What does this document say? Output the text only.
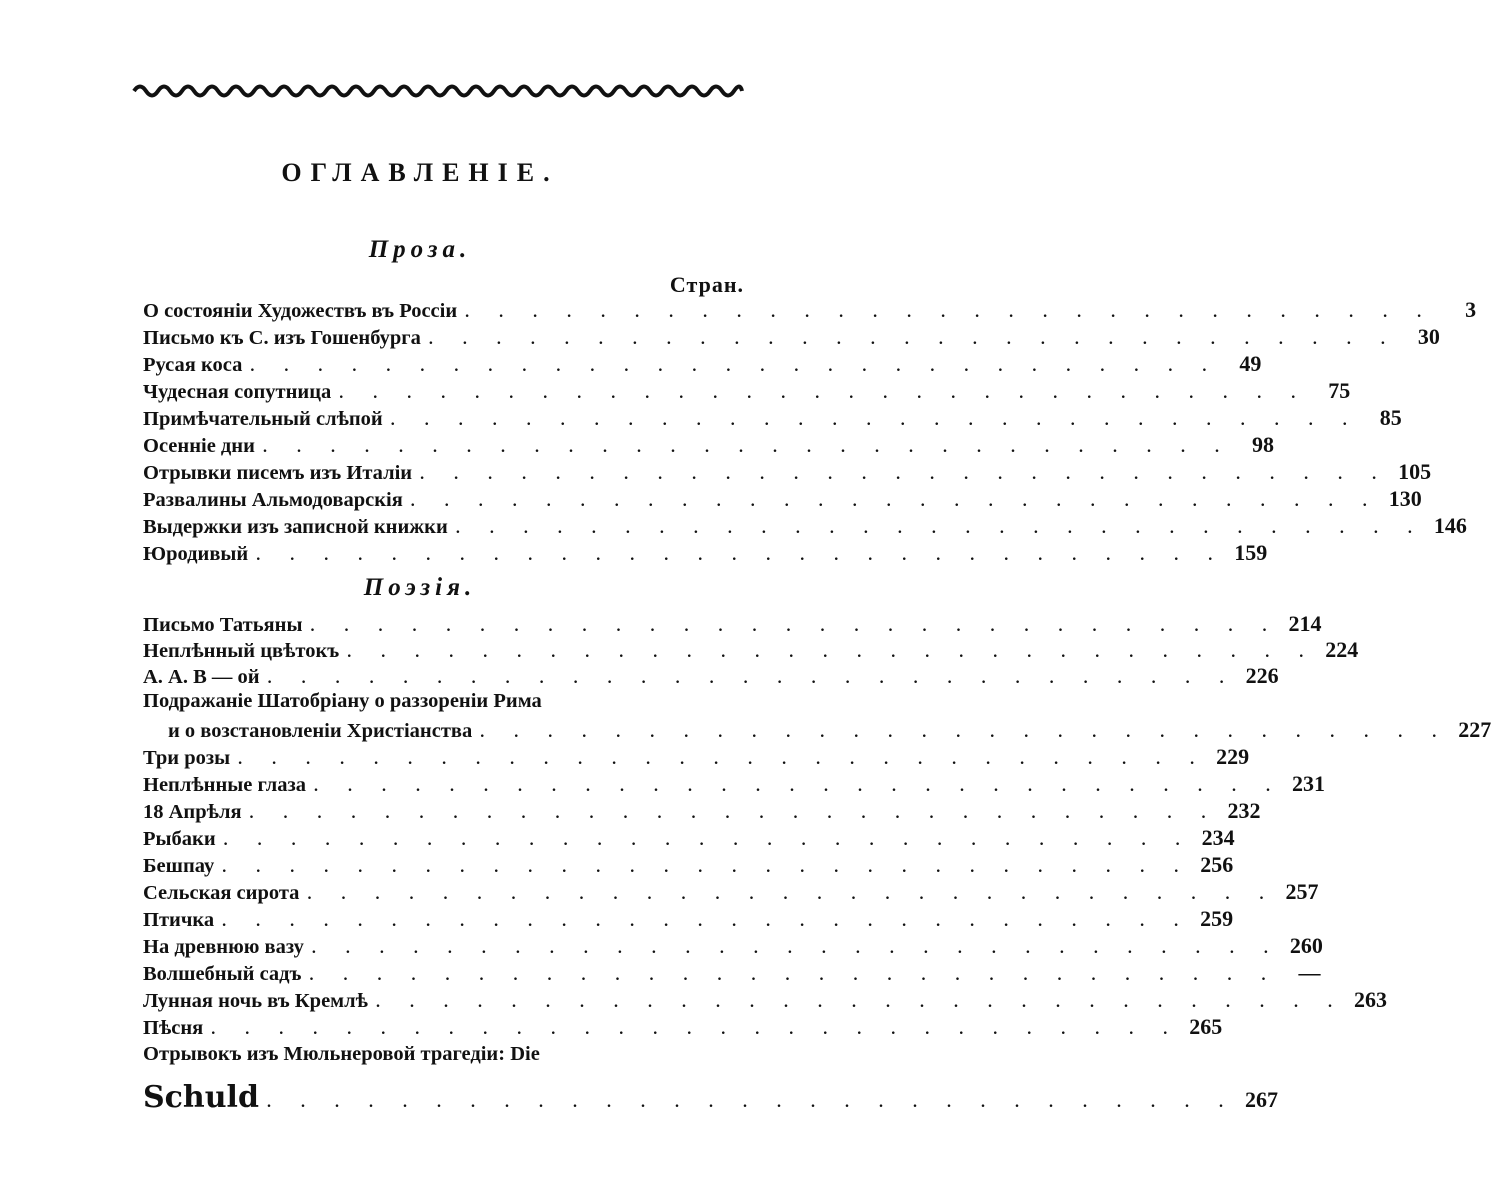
ОГЛАВЛЕНІЕ.
Проза.
Стран.
О состояніи Художествъ въ Россіи . . . . . . . . . . . . . . . . . . . . . . . . . . . . .	3
Письмо къ С. изъ Гошенбурга . . . . . . . . . . . . . . . . . . . . . . . . . . . . . 30
Русая коса . . . . . . . . . . . . . . . . . . . . . . . . . . . . . 49
Чудесная сопутница . . . . . . . . . . . . . . . . . . . . . . . . . . . . . 75
Примѣчательный слѣпой . . . . . . . . . . . . . . . . . . . . . . . . . . . . . 85
Осенніе дни . . . . . . . . . . . . . . . . . . . . . . . . . . . . . 98
Отрывки писемъ изъ Италіи . . . . . . . . . . . . . . . . . . . . . . . . . . . . . 105
Развалины Альмодоварскія . . . . . . . . . . . . . . . . . . . . . . . . . . . . . 130
Выдержки изъ записной книжки . . . . . . . . . . . . . . . . . . . . . . . . . . . . . 146
Юродивый . . . . . . . . . . . . . . . . . . . . . . . . . . . . . 159
Поэзія.
Письмо Татьяны . . . . . . . . . . . . . . . . . . . . . . . . . . . . . 214
Неплѣнный цвѣтокъ . . . . . . . . . . . . . . . . . . . . . . . . . . . . . 224
А. А. В — ой . . . . . . . . . . . . . . . . . . . . . . . . . . . . . 226
Подражаніе Шатобріану о раззореніи Рима
и о возстановленіи Христіанства . . . . . . . . . . . . . . . . . . . . . . . . . . . . . 227
Три розы . . . . . . . . . . . . . . . . . . . . . . . . . . . . . 229
Неплѣнные глаза . . . . . . . . . . . . . . . . . . . . . . . . . . . . . 231
18 Апрѣля . . . . . . . . . . . . . . . . . . . . . . . . . . . . . 232
Рыбаки . . . . . . . . . . . . . . . . . . . . . . . . . . . . . 234
Бешпау . . . . . . . . . . . . . . . . . . . . . . . . . . . . . 256
Сельская сирота . . . . . . . . . . . . . . . . . . . . . . . . . . . . . 257
Птичка . . . . . . . . . . . . . . . . . . . . . . . . . . . . . 259
На древнюю вазу . . . . . . . . . . . . . . . . . . . . . . . . . . . . . 260
Волшебный садъ . . . . . . . . . . . . . . . . . . . . . . . . . . . . . —
Лунная ночь въ Кремлѣ . . . . . . . . . . . . . . . . . . . . . . . . . . . . . 263
Пѣсня . . . . . . . . . . . . . . . . . . . . . . . . . . . . . 265
Отрывокъ изъ Мюльнеровой трагедіи: Die
Schuld . . . . . . . . . . . . . . . . . . . . . . . . . . . . . 267
